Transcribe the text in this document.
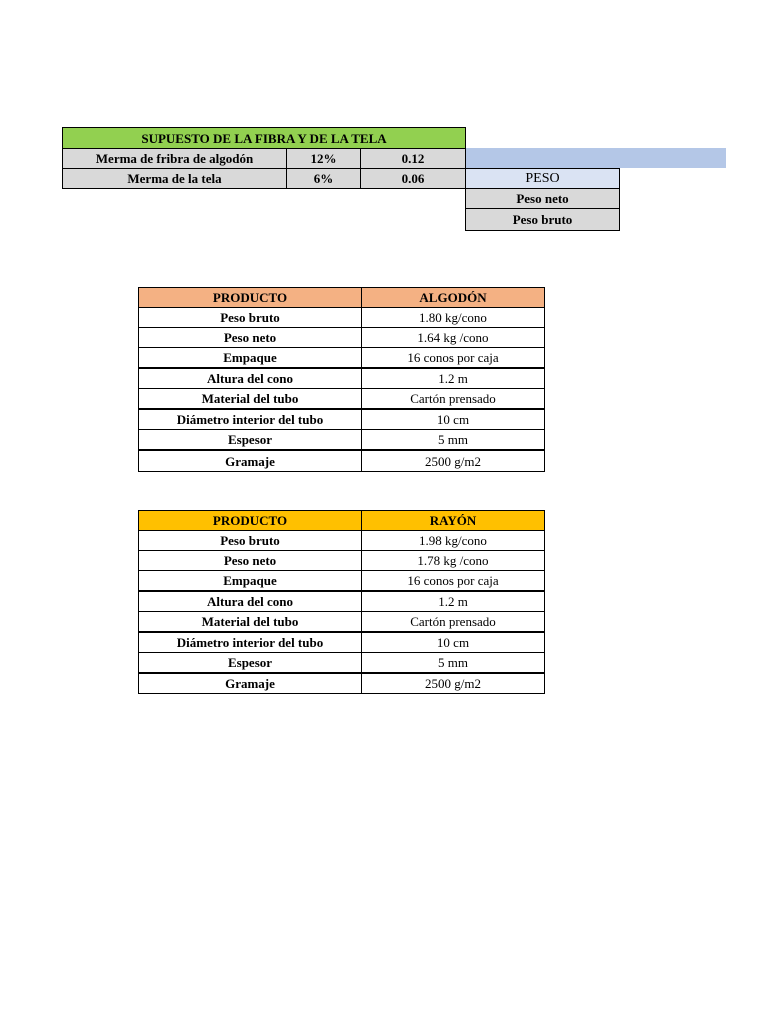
SUPUESTO DE LA FIBRA Y DE LA TELA
Merma de fribra de algodón	12%	0.12
Merma de la tela	6%	0.06	PESO
Peso neto
Peso bruto
PRODUCTO	ALGODÓN
Peso bruto	1.80 kg/cono
Peso neto	1.64 kg /cono
Empaque	16 conos por caja
Altura del cono	1.2 m
Material del tubo	Cartón prensado
Diámetro interior del tubo	10 cm
Espesor	5 mm
Gramaje	2500 g/m2
PRODUCTO	RAYÓN
Peso bruto	1.98 kg/cono
Peso neto	1.78 kg /cono
Empaque	16 conos por caja
Altura del cono	1.2 m
Material del tubo	Cartón prensado
Diámetro interior del tubo	10 cm
Espesor	5 mm
Gramaje	2500 g/m2
